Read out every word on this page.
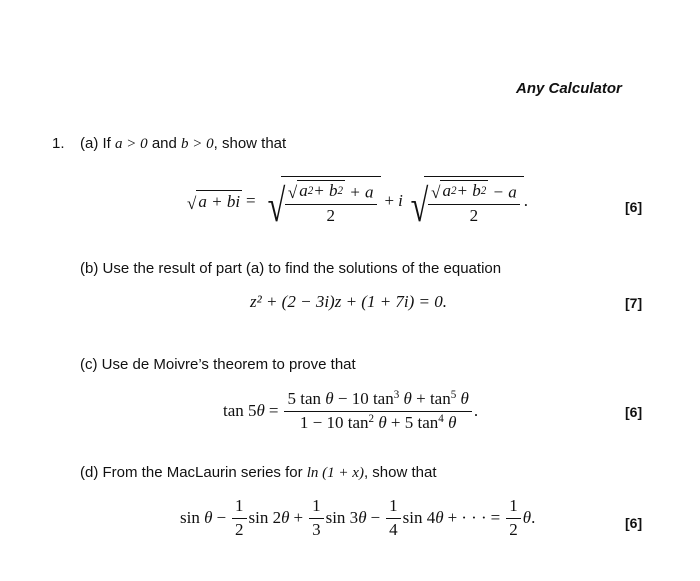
Any Calculator
1. (a) If a > 0 and b > 0, show that
√ a + bi = √ $\frac{√ a 2 + b 2 + a}{2} + i$ √ $\frac{√ a 2 + b 2 - a}{2}$ .	[6]
(b) Use the result of part (a) to find the solutions of the equation
z² + (2 − 3i)z + (1 + 7i) = 0.	[7]
(c) Use de Moivre’s theorem to prove that
tan 5 $\theta = \frac{5 \tan \theta - 10 \tan^3 \theta + \tan^5 \theta}{1 - 10 \tan^2 \theta + 5 \tan^4 \theta}$ .	[6]
(d) From the MacLaurin series for ln (1 + x), show that
$\sin \theta - \frac{1}{2}$ sin 2 $\theta + \frac{1}{3}$ sin 3 $\theta - \frac{1}{4}$ sin 4 θ + · · · = $\frac{1}{2}$ θ .	[6]
